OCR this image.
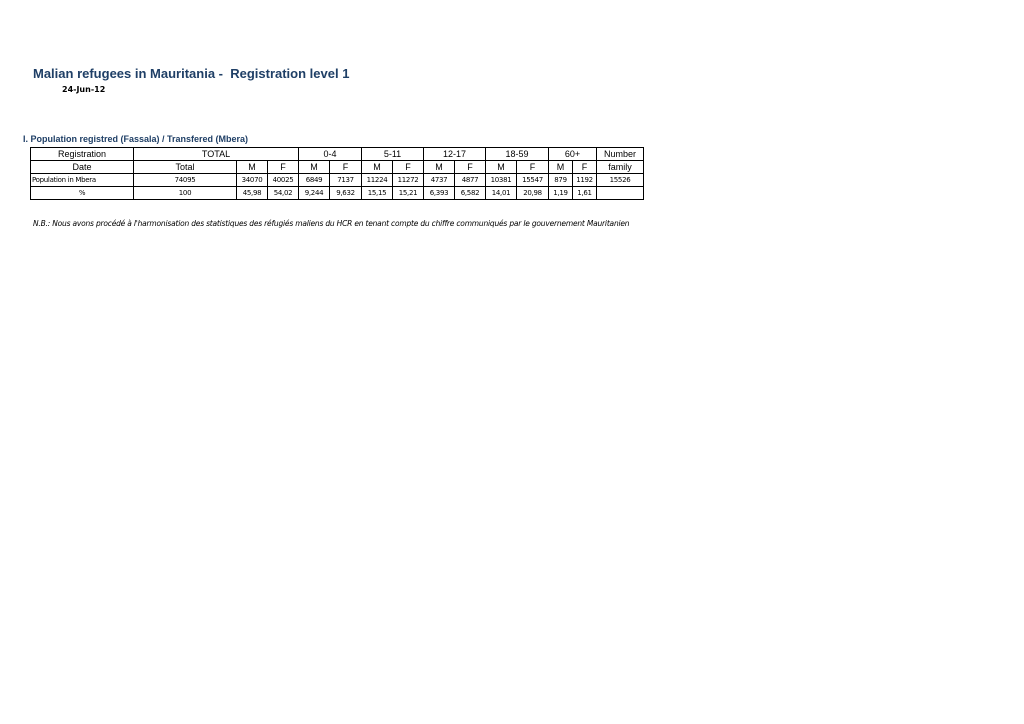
Malian refugees in Mauritania -  Registration level 1
24-Jun-12
I. Population registred (Fassala) / Transfered (Mbera)
Registration	TOTAL			0-4		5-11		12-17		18-59		60+		Number
Date	Total	M	F	M	F	M	F	M	F	M	F	M	F	family
Population in Mbera	74095	34070	40025	6849	7137	11224	11272	4737	4877	10381	15547	879	1192	15526
%	100	45,98	54,02	9,244	9,632	15,15	15,21	6,393	6,582	14,01	20,98	1,19	1,61	
N.B.: Nous avons procédé à l'harmonisation des statistiques des réfugiés maliens du HCR en tenant compte du chiffre communiqués par le gouvernement Mauritanien
